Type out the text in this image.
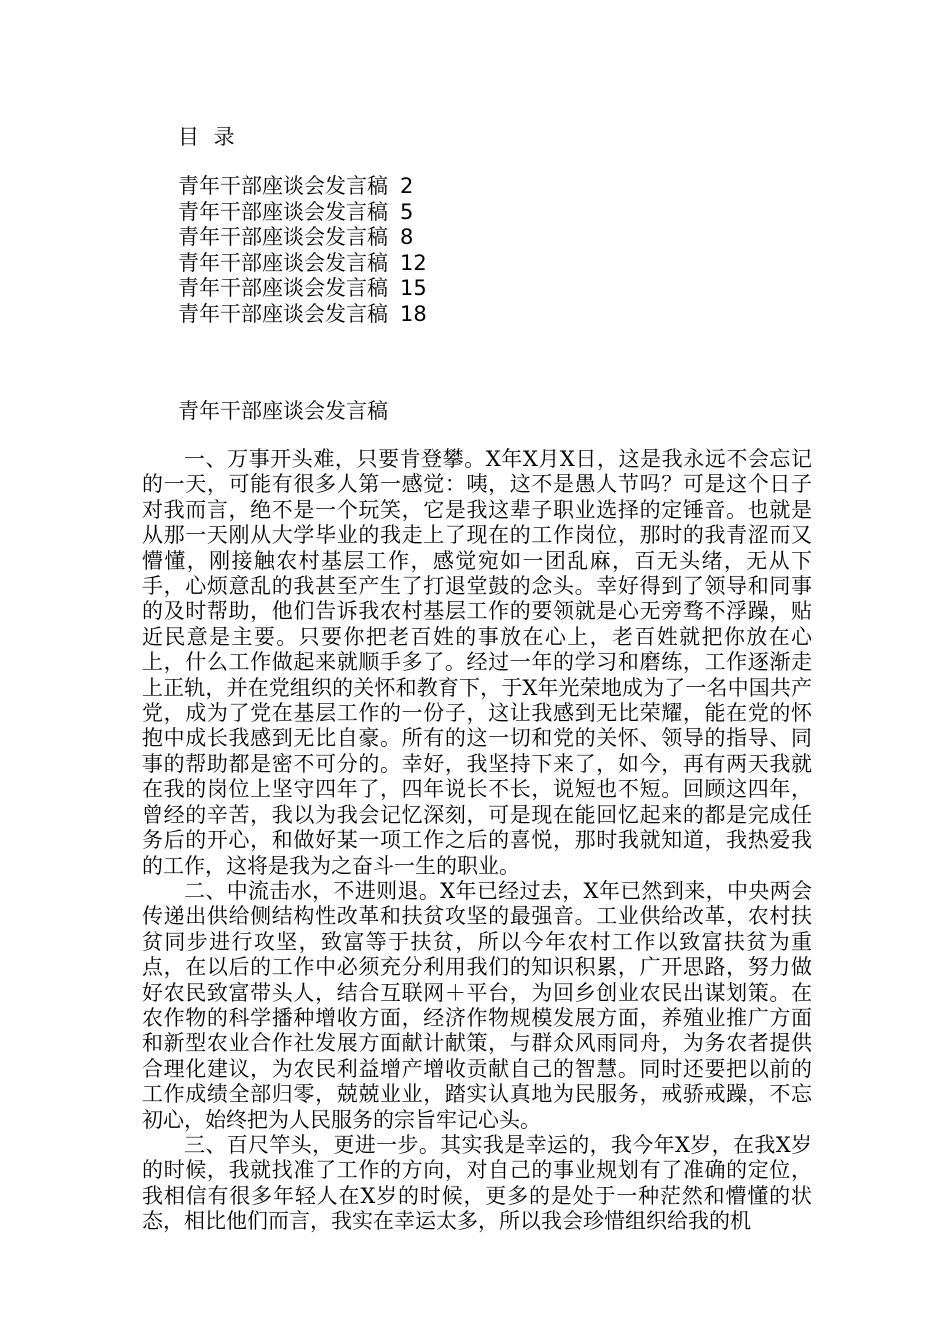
目 录
青年干部座谈会发言稿 2
青年干部座谈会发言稿 5
青年干部座谈会发言稿 8
青年干部座谈会发言稿 12
青年干部座谈会发言稿 15
青年干部座谈会发言稿 18
青年干部座谈会发言稿

一、万事开头难，只要肯登攀。X年X月X日，这是我永远不会忘记的一天，可能有很多人第一感觉：咦，这不是愚人节吗？可是这个日子对我而言，绝不是一个玩笑，它是我这辈子职业选择的定锤音。也就是从那一天刚从大学毕业的我走上了现在的工作岗位，那时的我青涩而又懵懂，刚接触农村基层工作，感觉宛如一团乱麻，百无头绪，无从下手，心烦意乱的我甚至产生了打退堂鼓的念头。幸好得到了领导和同事的及时帮助，他们告诉我农村基层工作的要领就是心无旁骛不浮躁，贴近民意是主要。只要你把老百姓的事放在心上，老百姓就把你放在心上，什么工作做起来就顺手多了。经过一年的学习和磨练，工作逐渐走上正轨，并在党组织的关怀和教育下，于X年光荣地成为了一名中国共产党，成为了党在基层工作的一份子，这让我感到无比荣耀，能在党的怀抱中成长我感到无比自豪。所有的这一切和党的关怀、领导的指导、同事的帮助都是密不可分的。幸好，我坚持下来了，如今，再有两天我就在我的岗位上坚守四年了，四年说长不长，说短也不短。回顾这四年，曾经的辛苦，我以为我会记忆深刻，可是现在能回忆起来的都是完成任务后的开心，和做好某一项工作之后的喜悦，那时我就知道，我热爱我的工作，这将是我为之奋斗一生的职业。

二、中流击水，不进则退。X年已经过去，X年已然到来，中央两会传递出供给侧结构性改革和扶贫攻坚的最强音。工业供给改革，农村扶贫同步进行攻坚，致富等于扶贫，所以今年农村工作以致富扶贫为重点，在以后的工作中必须充分利用我们的知识积累，广开思路，努力做好农民致富带头人，结合互联网＋平台，为回乡创业农民出谋划策。在农作物的科学播种增收方面，经济作物规模发展方面，养殖业推广方面和新型农业合作社发展方面献计献策，与群众风雨同舟，为务农者提供合理化建议，为农民利益增产增收贡献自己的智慧。同时还要把以前的工作成绩全部归零，兢兢业业，踏实认真地为民服务，戒骄戒躁，不忘初心，始终把为人民服务的宗旨牢记心头。

三、百尺竿头，更进一步。其实我是幸运的，我今年X岁，在我X岁的时候，我就找准了工作的方向，对自己的事业规划有了准确的定位，我相信有很多年轻人在X岁的时候，更多的是处于一种茫然和懵懂的状态，相比他们而言，我实在幸运太多，所以我会珍惜组织给我的机
